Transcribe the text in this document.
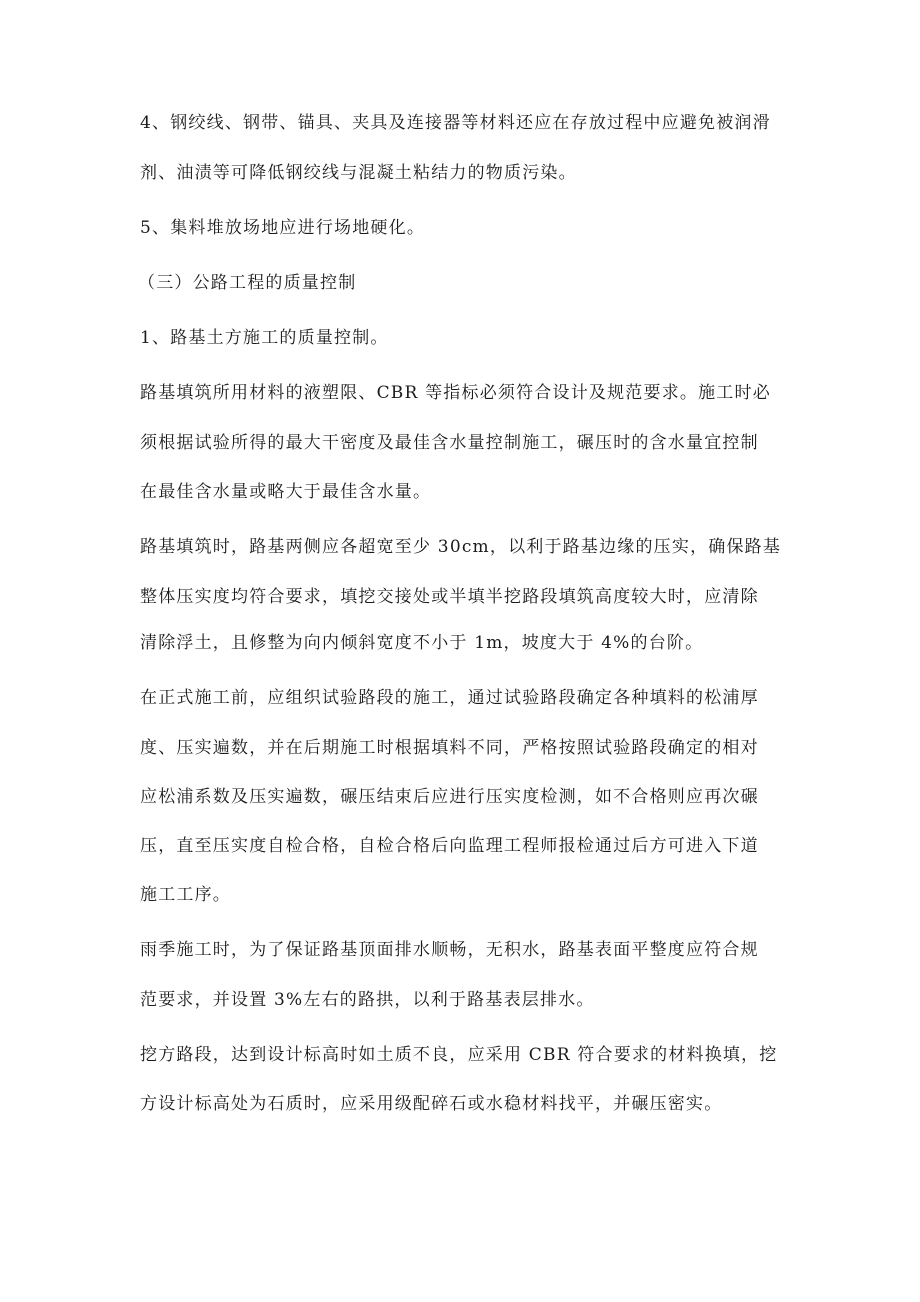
4、钢绞线、钢带、锚具、夹具及连接器等材料还应在存放过程中应避免被润滑
剂、油渍等可降低钢绞线与混凝土粘结力的物质污染。
5、集料堆放场地应进行场地硬化。
（三）公路工程的质量控制
1、路基土方施工的质量控制。
路基填筑所用材料的液塑限、CBR 等指标必须符合设计及规范要求。施工时必
须根据试验所得的最大干密度及最佳含水量控制施工，碾压时的含水量宜控制
在最佳含水量或略大于最佳含水量。
路基填筑时，路基两侧应各超宽至少 30cm，以利于路基边缘的压实，确保路基
整体压实度均符合要求，填挖交接处或半填半挖路段填筑高度较大时，应清除
清除浮土，且修整为向内倾斜宽度不小于 1m，坡度大于 4%的台阶。
在正式施工前，应组织试验路段的施工，通过试验路段确定各种填料的松浦厚
度、压实遍数，并在后期施工时根据填料不同，严格按照试验路段确定的相对
应松浦系数及压实遍数，碾压结束后应进行压实度检测，如不合格则应再次碾
压，直至压实度自检合格，自检合格后向监理工程师报检通过后方可进入下道
施工工序。
雨季施工时，为了保证路基顶面排水顺畅，无积水，路基表面平整度应符合规
范要求，并设置 3%左右的路拱，以利于路基表层排水。
挖方路段，达到设计标高时如土质不良，应采用 CBR 符合要求的材料换填，挖
方设计标高处为石质时，应采用级配碎石或水稳材料找平，并碾压密实。
